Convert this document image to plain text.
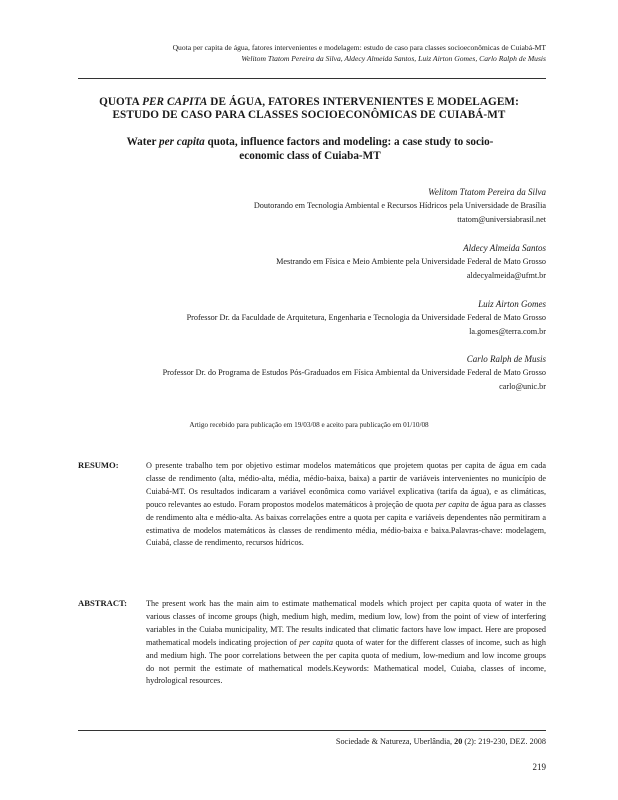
Quota per capita de água, fatores intervenientes e modelagem: estudo de caso para classes socioeconômicas de Cuiabá-MT
Welitom Ttatom Pereira da Silva, Aldecy Almeida Santos, Luiz Airton Gomes, Carlo Ralph de Musis
QUOTA PER CAPITA DE ÁGUA, FATORES INTERVENIENTES E MODELAGEM:
ESTUDO DE CASO PARA CLASSES SOCIOECONÔMICAS DE CUIABÁ-MT
Water per capita quota, influence factors and modeling: a case study to socio-economic class of Cuiaba-MT
Welitom Ttatom Pereira da Silva
Doutorando em Tecnologia Ambiental e Recursos Hídricos pela Universidade de Brasília
ttatom@universiabrasil.net
Aldecy Almeida Santos
Mestrando em Física e Meio Ambiente pela Universidade Federal de Mato Grosso
aldecyalmeida@ufmt.br
Luiz Airton Gomes
Professor Dr. da Faculdade de Arquitetura, Engenharia e Tecnologia da Universidade Federal de Mato Grosso
la.gomes@terra.com.br
Carlo Ralph de Musis
Professor Dr. do Programa de Estudos Pós-Graduados em Física Ambiental da Universidade Federal de Mato Grosso
carlo@unic.br
Artigo recebido para publicação em 19/03/08 e aceito para publicação em 01/10/08
RESUMO:	O presente trabalho tem por objetivo estimar modelos matemáticos que projetem quotas per capita de água em cada classe de rendimento (alta, médio-alta, média, médio-baixa, baixa) a partir de variáveis intervenientes no município de Cuiabá-MT. Os resultados indicaram a variável econômica como variável explicativa (tarifa da água), e as climáticas, pouco relevantes ao estudo. Foram propostos modelos matemáticos à projeção de quota per capita de água para as classes de rendimento alta e médio-alta. As baixas correlações entre a quota per capita e variáveis dependentes não permitiram a estimativa de modelos matemáticos às classes de rendimento média, médio-baixa e baixa.Palavras-chave: modelagem, Cuiabá, classe de rendimento, recursos hídricos.
ABSTRACT: The present work has the main aim to estimate mathematical models which project per capita quota of water in the various classes of income groups (high, medium high, medim, medium low, low) from the point of view of interfering variables in the Cuiaba municipality, MT. The results indicated that climatic factors have low impact. Here are proposed mathematical models indicating projection of per capita quota of water for the different classes of income, such as high and medium high. The poor correlations between the per capita quota of medium, low-medium and low income groups do not permit the estimate of mathematical models.Keywords: Mathematical model, Cuiaba, classes of income, hydrological resources.
Sociedade & Natureza, Uberlândia, 20 (2): 219-230, DEZ. 2008
219
